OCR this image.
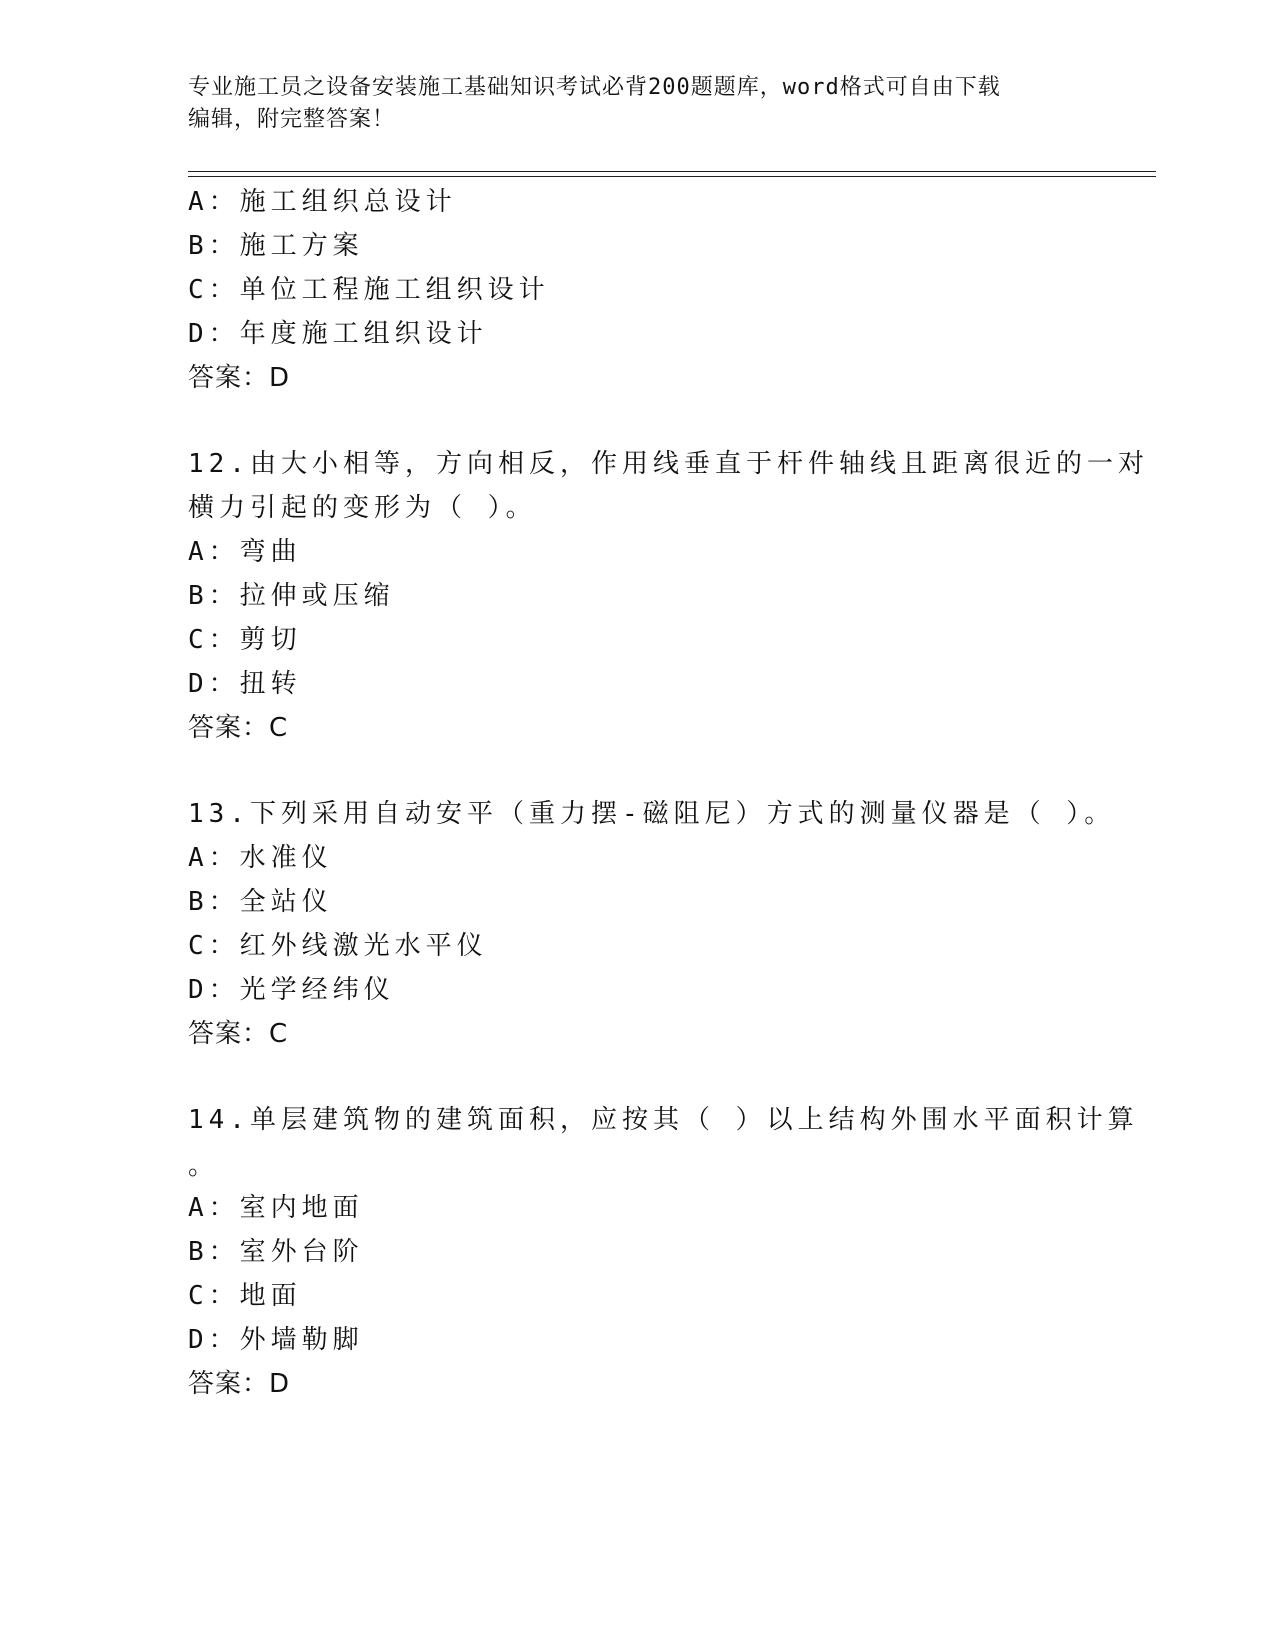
专业施工员之设备安装施工基础知识考试必背200题题库，word格式可自由下载
编辑，附完整答案！
A：施工组织总设计
B：施工方案
C：单位工程施工组织设计
D：年度施工组织设计
答案：D
12.由大小相等，方向相反，作用线垂直于杆件轴线且距离很近的一对
横力引起的变形为（ ）。
A：弯曲
B：拉伸或压缩
C：剪切
D：扭转
答案：C
13.下列采用自动安平（重力摆-磁阻尼）方式的测量仪器是（ ）。
A：水准仪
B：全站仪
C：红外线激光水平仪
D：光学经纬仪
答案：C
14.单层建筑物的建筑面积，应按其（ ）以上结构外围水平面积计算
。
A：室内地面
B：室外台阶
C：地面
D：外墙勒脚
答案：D
